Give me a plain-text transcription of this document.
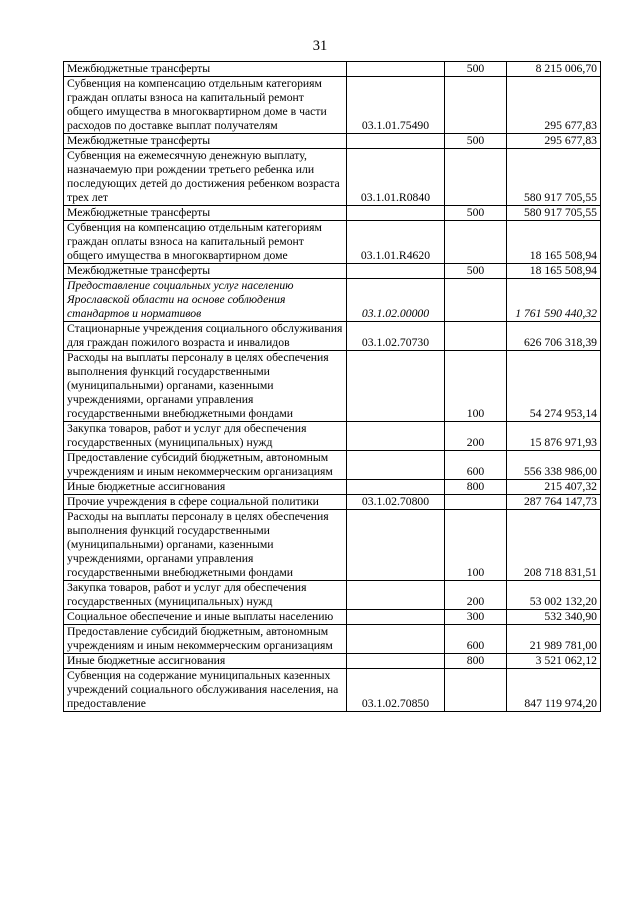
31
Межбюджетные трансферты		500	8 215 006,70
Субвенция на компенсацию отдельным категориям граждан оплаты взноса на капитальный ремонт общего имущества в многоквартирном доме в части расходов по доставке выплат получателям	03.1.01.75490		295 677,83
Межбюджетные трансферты		500	295 677,83
Субвенция на ежемесячную денежную выплату, назначаемую при рождении третьего ребенка или последующих детей до достижения ребенком возраста трех лет	03.1.01.R0840		580 917 705,55
Межбюджетные трансферты		500	580 917 705,55
Субвенция на компенсацию отдельным категориям граждан оплаты взноса на капитальный ремонт общего имущества в многоквартирном доме	03.1.01.R4620		18 165 508,94
Межбюджетные трансферты		500	18 165 508,94
Предоставление социальных услуг населению Ярославской области на основе соблюдения стандартов и нормативов	03.1.02.00000		1 761 590 440,32
Стационарные учреждения социального обслуживания для граждан пожилого возраста и инвалидов	03.1.02.70730		626 706 318,39
Расходы на выплаты персоналу в целях обеспечения выполнения функций государственными (муниципальными) органами, казенными учреждениями, органами управления государственными внебюджетными фондами		100	54 274 953,14
Закупка товаров, работ и услуг для обеспечения государственных (муниципальных) нужд		200	15 876 971,93
Предоставление субсидий бюджетным, автономным учреждениям и иным некоммерческим организациям		600	556 338 986,00
Иные бюджетные ассигнования		800	215 407,32
Прочие учреждения в сфере социальной политики	03.1.02.70800		287 764 147,73
Расходы на выплаты персоналу в целях обеспечения выполнения функций государственными (муниципальными) органами, казенными учреждениями, органами управления государственными внебюджетными фондами		100	208 718 831,51
Закупка товаров, работ и услуг для обеспечения государственных (муниципальных) нужд		200	53 002 132,20
Социальное обеспечение и иные выплаты населению		300	532 340,90
Предоставление субсидий бюджетным, автономным учреждениям и иным некоммерческим организациям		600	21 989 781,00
Иные бюджетные ассигнования		800	3 521 062,12
Субвенция на содержание муниципальных казенных учреждений социального обслуживания населения, на предоставление	03.1.02.70850		847 119 974,20
